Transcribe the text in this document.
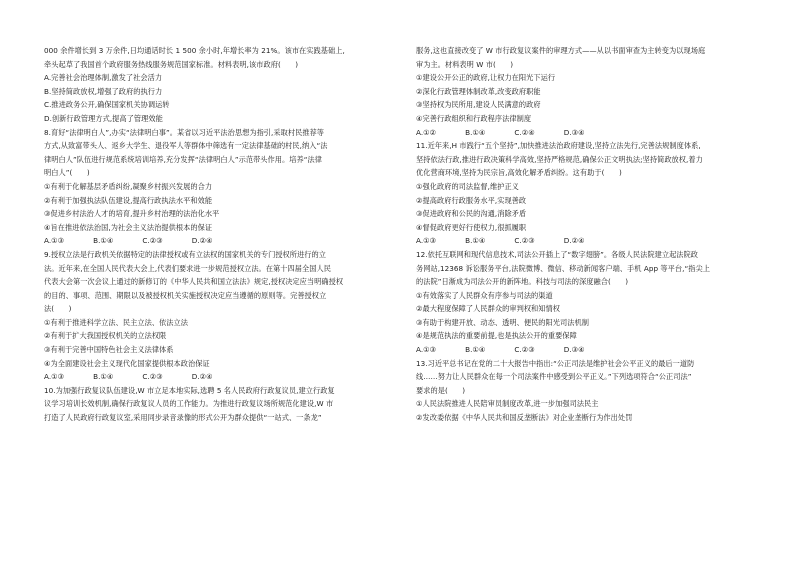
000 余件增长到 3 万余件,日均通话时长 1 500 余小时,年增长率为 21%。该市在实践基础上,
牵头起草了我国首个政府服务热线服务规范国家标准。材料表明,该市政府(　　)
A.完善社会治理体制,激发了社会活力
B.坚持简政放权,增强了政府的执行力
C.推进政务公开,确保国家机关协调运转
D.创新行政管理方式,提高了管理效能
8.育好“法律明白人”,办实“法律明白事”。某省以习近平法治思想为指引,采取村民推荐等
方式,从致富带头人、返乡大学生、退役军人等群体中筛选有一定法律基础的村民,纳入“法
律明白人”队伍进行规范系统培训培养,充分发挥“法律明白人”示范带头作用。培养“法律
明白人”(　　)
①有利于化解基层矛盾纠纷,凝聚乡村振兴发展的合力
②有利于加强执法队伍建设,提高行政执法水平和效能
③促进乡村法治人才的培育,提升乡村治理的法治化水平
④旨在推进依法治国,为社会主义法治提供根本的保证
A.①③　　　　B.①④　　　　C.②③　　　　D.②④
9.授权立法是行政机关依据特定的法律授权或有立法权的国家机关的专门授权所进行的立
法。近年来,在全国人民代表大会上,代表们要求进一步规范授权立法。在第十四届全国人民
代表大会第一次会议上通过的新修订的《中华人民共和国立法法》规定,授权决定应当明确授权
的目的、事项、范围、期限以及被授权机关实施授权决定应当遵循的原则等。完善授权立
法(　　)
①有利于推进科学立法、民主立法、依法立法
②有利于扩大我国授权机关的立法权限
③有利于完善中国特色社会主义法律体系
④为全面建设社会主义现代化国家提供根本政治保证
A.①③　　　　B.①④　　　　C.②③　　　　D.②④
10.为加强行政复议队伍建设,W 市立足本地实际,选聘 5 名人民政府行政复议员,建立行政复
议学习培训长效机制,确保行政复议人员的工作能力。为推进行政复议场所规范化建设,W 市
打造了人民政府行政复议室,采用同步录音录像的形式公开为群众提供“一站式、一条龙”
服务,这也直接改变了 W 市行政复议案件的审理方式——从以书面审查为主转变为以现场庭
审为主。材料表明 W 市(　　)
①建设公开公正的政府,让权力在阳光下运行
②深化行政管理体制改革,改变政府职能
③坚持权为民所用,建设人民满意的政府
④完善行政组织和行政程序法律制度
A.①②　　　　B.①④　　　　C.②④　　　　D.③④
11.近年来,H 市践行“五个坚持”,加快推进法治政府建设,坚持立法先行,完善法规制度体系,
坚持依法行政,推进行政决策科学高效,坚持严格规范,确保公正文明执法;坚持简政放权,着力
优化营商环境,坚持为民宗旨,高效化解矛盾纠纷。这有助于(　　)
①强化政府的司法监督,维护正义
②提高政府行政服务水平,实现善政
③促进政府和公民的沟通,消除矛盾
④督促政府更好行使权力,很抓履职
A.①③　　　　B.①④　　　　C.②③　　　　D.②④
12.依托互联网和现代信息技术,司法公开插上了“数字翅膀”。各级人民法院建立起法院政
务网站,12368 诉讼服务平台,法院微博、微信、移动新闻客户端、手机 App 等平台,“指尖上
的法院”日渐成为司法公开的新阵地。科技与司法的深度融合(　　)
①有效落实了人民群众有序参与司法的渠道
②最大程度保障了人民群众的审判权和知情权
③有助于构建开放、动态、透明、便民的阳光司法机制
④是规范执法的重要前提,也是执法公开的重要保障
A.①③　　　　B.①④　　　　C.②③　　　　D.③④
13.习近平总书记在党的二十大报告中指出:“公正司法是维护社会公平正义的最后一道防
线……努力让人民群众在每一个司法案件中感受到公平正义。”下列选项符合“公正司法”
要求的是(　　)
①人民法院推进人民陪审员制度改革,进一步加强司法民主
②发改委依据《中华人民共和国反垄断法》对企业垄断行为作出处罚
